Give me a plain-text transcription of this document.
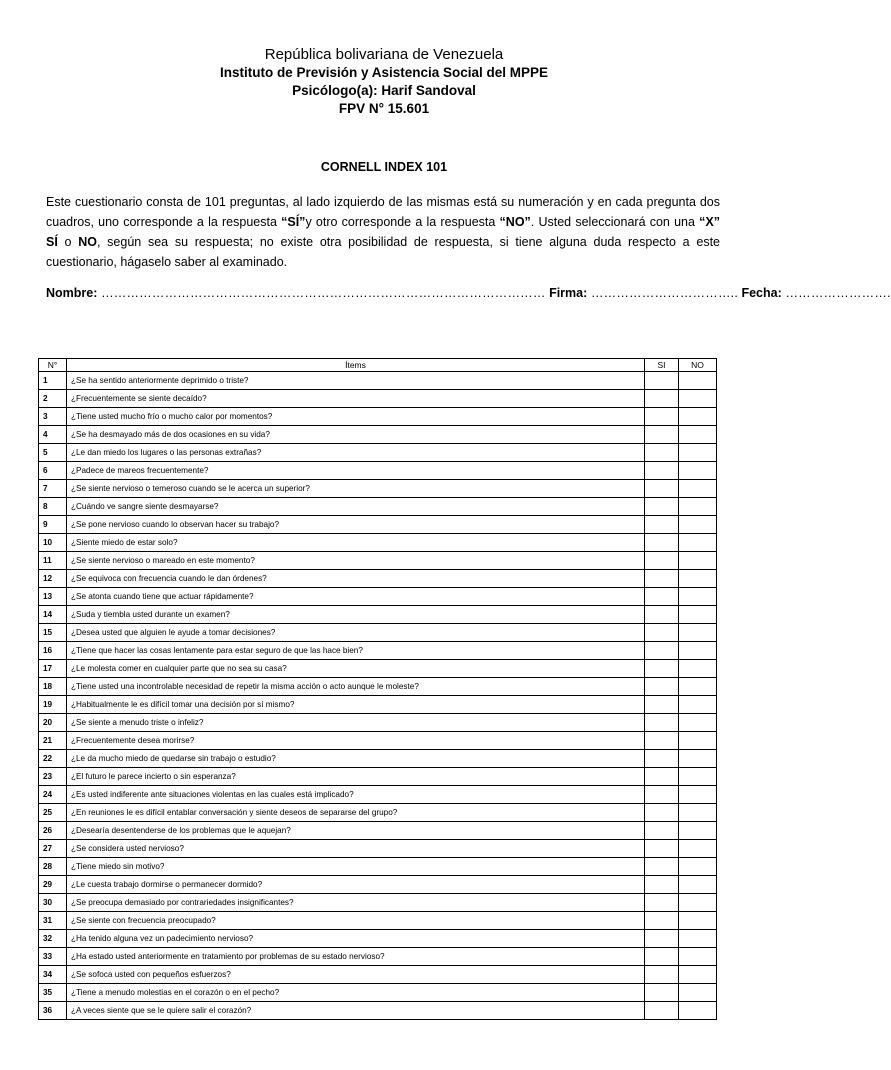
República bolivariana de Venezuela
Instituto de Previsión y Asistencia Social del MPPE
Psicólogo(a): Harif Sandoval
FPV N° 15.601
CORNELL INDEX 101
Este cuestionario consta de 101 preguntas, al lado izquierdo de las mismas está su numeración y en cada pregunta dos cuadros, uno corresponde a la respuesta “SÍ”y otro corresponde a la respuesta “NO”. Usted seleccionará con una “X” SÍ o NO, según sea su respuesta; no existe otra posibilidad de respuesta, si tiene alguna duda respecto a este cuestionario, hágaselo saber al examinado.
Nombre: …………………………………………………………………………………………… Firma: …………………………….. Fecha: …………………….
N°	Ítems	SI	NO
1	¿Se ha sentido anteriormente deprimido o triste?		
2	¿Frecuentemente se siente decaído?		
3	¿Tiene usted mucho frío o mucho calor por momentos?		
4	¿Se ha desmayado más de dos ocasiones en su vida?		
5	¿Le dan miedo los lugares o las personas extrañas?		
6	¿Padece de mareos frecuentemente?		
7	¿Se siente nervioso o temeroso cuando se le acerca un superior?		
8	¿Cuándo ve sangre siente desmayarse?		
9	¿Se pone nervioso cuando lo observan hacer su trabajo?		
10	¿Siente miedo de estar solo?		
11	¿Se siente nervioso o mareado en este momento?		
12	¿Se equivoca con frecuencia cuando le dan órdenes?		
13	¿Se atonta cuando tiene que actuar rápidamente?		
14	¿Suda y tiembla usted durante un examen?		
15	¿Desea usted que alguien le ayude a tomar decisiones?		
16	¿Tiene que hacer las cosas lentamente para estar seguro de que las hace bien?		
17	¿Le molesta comer en cualquier parte que no sea su casa?		
18	¿Tiene usted una incontrolable necesidad de repetir la misma acción o acto aunque le moleste?		
19	¿Habitualmente le es difícil tomar una decisión por sí mismo?		
20	¿Se siente a menudo triste o infeliz?		
21	¿Frecuentemente desea morirse?		
22	¿Le da mucho miedo de quedarse sin trabajo o estudio?		
23	¿El futuro le parece incierto o sin esperanza?		
24	¿Es usted indiferente ante situaciones violentas en las cuales está implicado?		
25	¿En reuniones le es difícil entablar conversación y siente deseos de separarse del grupo?		
26	¿Desearía desentenderse de los problemas que le aquejan?		
27	¿Se considera usted nervioso?		
28	¿Tiene miedo sin motivo?		
29	¿Le cuesta trabajo dormirse o permanecer dormido?		
30	¿Se preocupa demasiado por contrariedades insignificantes?		
31	¿Se siente con frecuencia preocupado?		
32	¿Ha tenido alguna vez un padecimiento nervioso?		
33	¿Ha estado usted anteriormente en tratamiento por problemas de su estado nervioso?		
34	¿Se sofoca usted con pequeños esfuerzos?		
35	¿Tiene a menudo molestias en el corazón o en el pecho?		
36	¿A veces siente que se le quiere salir el corazón?		
